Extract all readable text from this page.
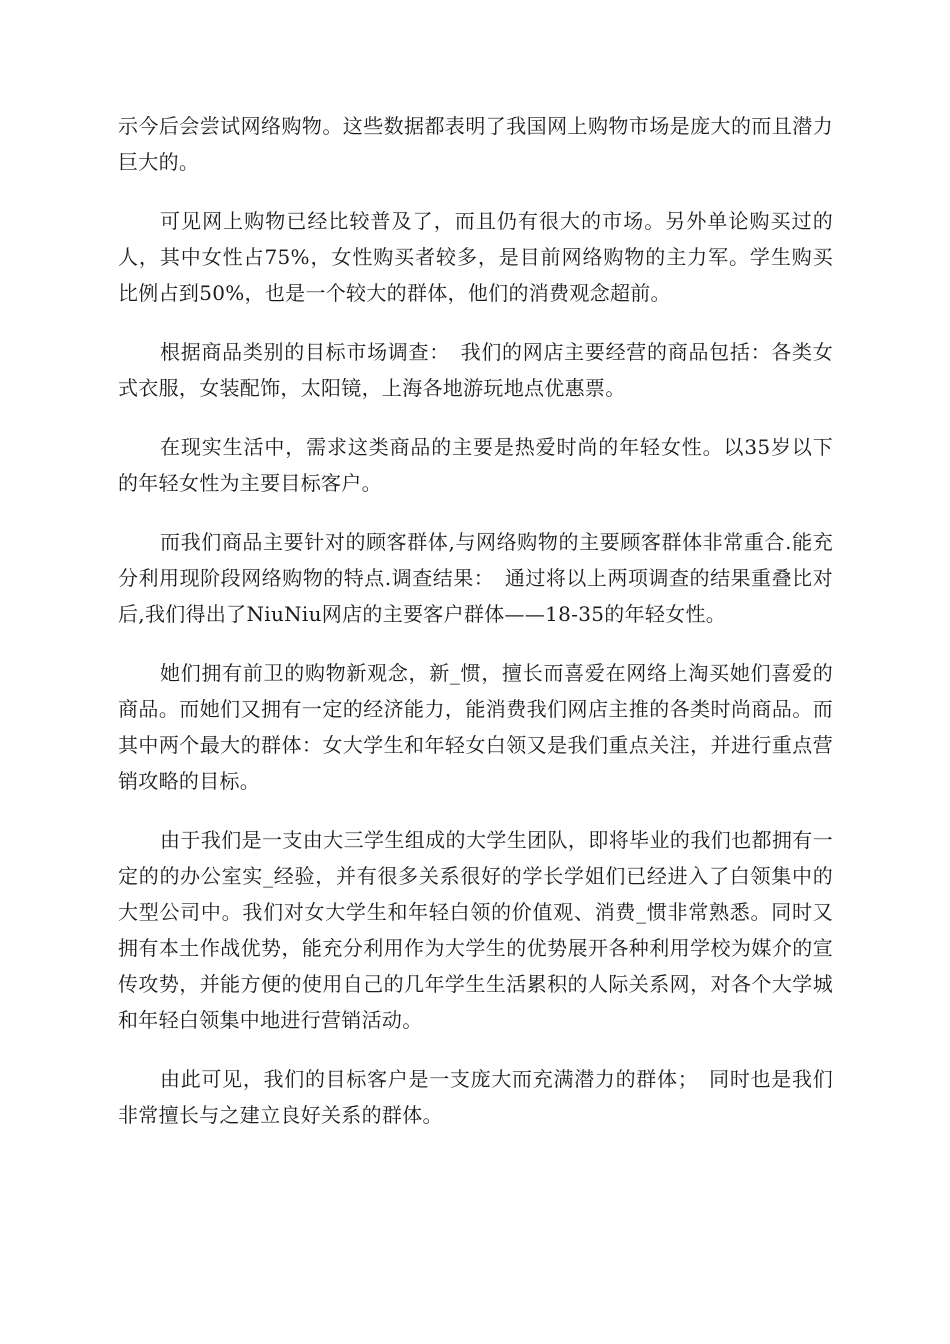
示今后会尝试网络购物。这些数据都表明了我国网上购物市场是庞大的而且潜力巨大的。

可见网上购物已经比较普及了，而且仍有很大的市场。另外单论购买过的人，其中女性占75%，女性购买者较多，是目前网络购物的主力军。学生购买比例占到50%，也是一个较大的群体，他们的消费观念超前。

根据商品类别的目标市场调查：　我们的网店主要经营的商品包括：各类女式衣服，女装配饰，太阳镜，上海各地游玩地点优惠票。

在现实生活中，需求这类商品的主要是热爱时尚的年轻女性。以35岁以下的年轻女性为主要目标客户。

而我们商品主要针对的顾客群体,与网络购物的主要顾客群体非常重合.能充分利用现阶段网络购物的特点.调查结果：　通过将以上两项调查的结果重叠比对后,我们得出了NiuNiu网店的主要客户群体——18-35的年轻女性。

她们拥有前卫的购物新观念，新_惯，擅长而喜爱在网络上淘买她们喜爱的商品。而她们又拥有一定的经济能力，能消费我们网店主推的各类时尚商品。而其中两个最大的群体：女大学生和年轻女白领又是我们重点关注，并进行重点营销攻略的目标。

由于我们是一支由大三学生组成的大学生团队，即将毕业的我们也都拥有一定的的办公室实_经验，并有很多关系很好的学长学姐们已经进入了白领集中的大型公司中。我们对女大学生和年轻白领的价值观、消费_惯非常熟悉。同时又拥有本土作战优势，能充分利用作为大学生的优势展开各种利用学校为媒介的宣传攻势，并能方便的使用自己的几年学生生活累积的人际关系网，对各个大学城和年轻白领集中地进行营销活动。

由此可见，我们的目标客户是一支庞大而充满潜力的群体；　同时也是我们非常擅长与之建立良好关系的群体。
